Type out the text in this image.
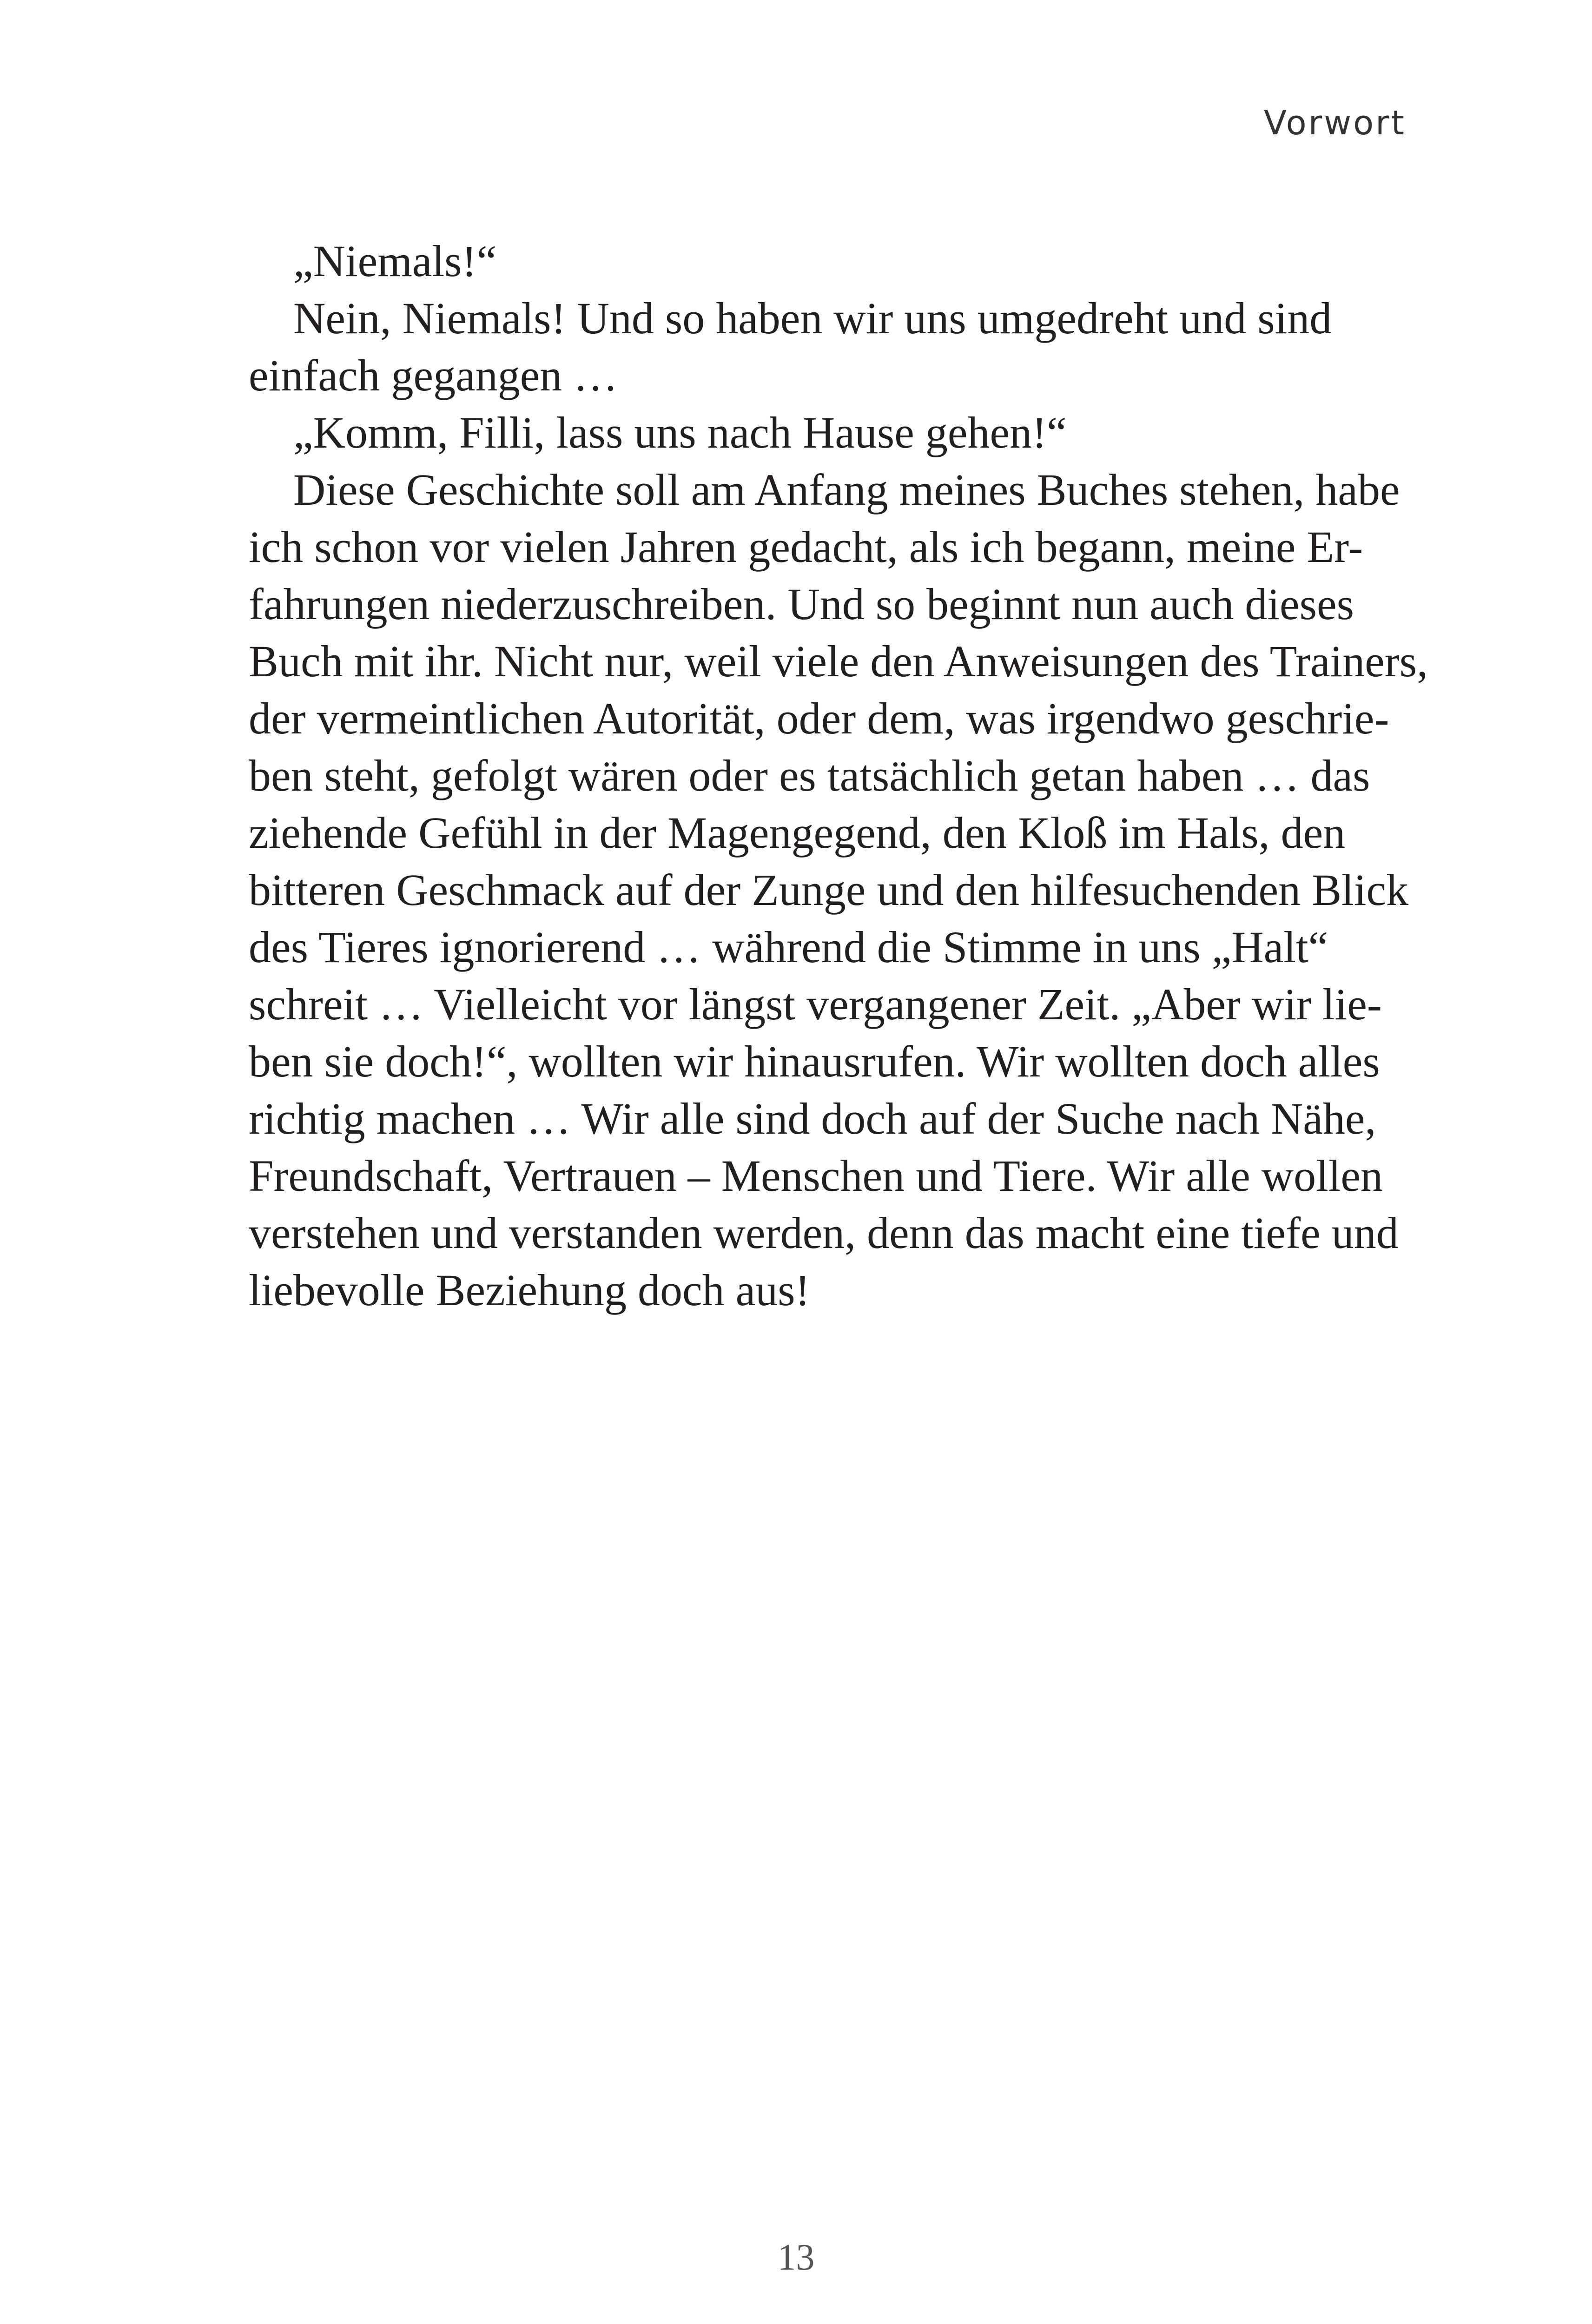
Vorwort
„Niemals!“
Nein, Niemals! Und so haben wir uns umgedreht und sind
einfach gegangen …
„Komm, Filli, lass uns nach Hause gehen!“
Diese Geschichte soll am Anfang meines Buches stehen, habe
ich schon vor vielen Jahren gedacht, als ich begann, meine Er-
fahrungen niederzuschreiben. Und so beginnt nun auch dieses
Buch mit ihr. Nicht nur, weil viele den Anweisungen des Trainers,
der vermeintlichen Autorität, oder dem, was irgendwo geschrie-
ben steht, gefolgt wären oder es tatsächlich getan haben … das
ziehende Gefühl in der Magengegend, den Kloß im Hals, den
bitteren Geschmack auf der Zunge und den hilfesuchenden Blick
des Tieres ignorierend … während die Stimme in uns „Halt“
schreit … Vielleicht vor längst vergangener Zeit. „Aber wir lie-
ben sie doch!“, wollten wir hinausrufen. Wir wollten doch alles
richtig machen … Wir alle sind doch auf der Suche nach Nähe,
Freundschaft, Vertrauen – Menschen und Tiere. Wir alle wollen
verstehen und verstanden werden, denn das macht eine tiefe und
liebevolle Beziehung doch aus!
13
